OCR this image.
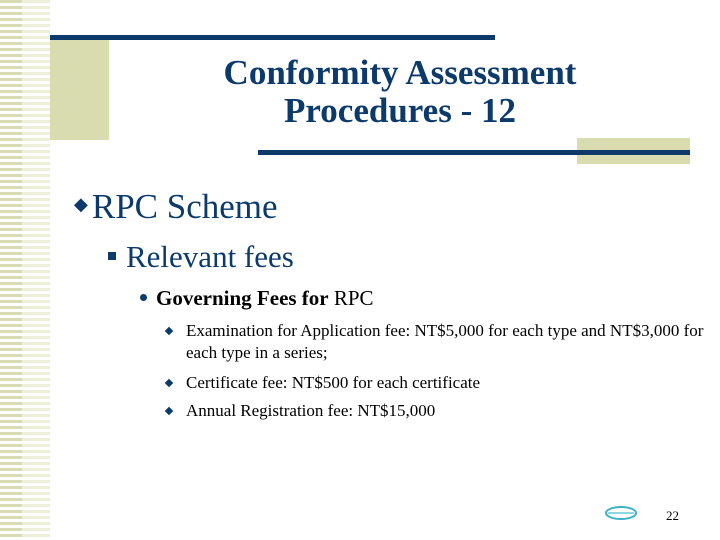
Conformity Assessment
Procedures - 12
◆ RPC Scheme
Relevant fees
Governing Fees for RPC
Examination for Application fee: NT$5,000 for each type and NT$3,000 for each type in a series;
Certificate fee: NT$500 for each certificate
Annual Registration fee: NT$15,000
22
